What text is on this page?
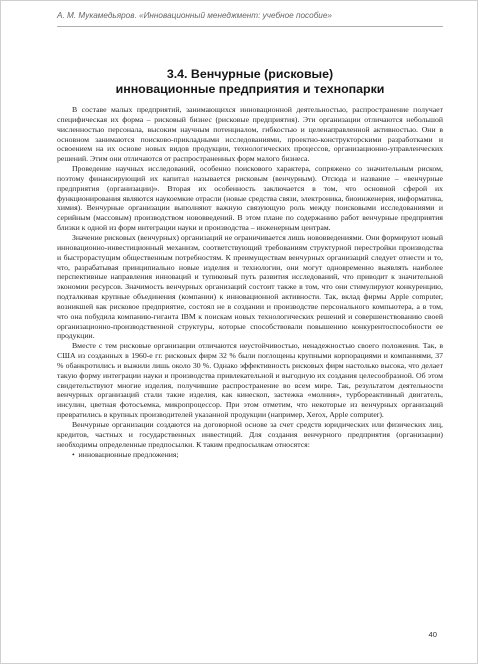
А. М. Мукамедьяров. «Инновационный менеджмент: учебное пособие»
3.4. Венчурные (рисковые)
инновационные предприятия и технопарки

В составе малых предприятий, занимающихся инновационной деятельностью, распространение получает специфическая их форма – рисковый бизнес (рисковые предприятия). Эти организации отличаются небольшой численностью персонала, высоким научным потенциалом, гибкостью и целенаправленной активностью. Они в основном занимаются поисково-прикладными исследованиями, проектно-конструкторскими разработками и освоением на их основе новых видов продукции, технологических процессов, организационно-управленческих решений. Этим они отличаются от распространенных форм малого бизнеса.

Проведение научных исследований, особенно поискового характера, сопряжено со значительным риском, поэтому финансирующий их капитал называется рисковым (венчурным). Отсюда и название – «венчурные предприятия (организации)». Вторая их особенность заключается в том, что основной сферой их функционирования являются наукоемкие отрасли (новые средства связи, электроника, биоинженерия, информатика, химия). Венчурные организации выполняют важную связующую роль между поисковыми исследованиями и серийным (массовым) производством нововведений. В этом плане по содержанию работ венчурные предприятия близки к одной из форм интеграции науки и производства – инженерным центрам.

Значение рисковых (венчурных) организаций не ограничивается лишь нововведениями. Они формируют новый инновационно-инвестиционный механизм, соответствующий требованиям структурной перестройки производства и быстрорастущим общественным потребностям. К преимуществам венчурных организаций следует отнести и то, что, разрабатывая принципиально новые изделия и технологии, они могут одновременно выявлять наиболее перспективные направления инноваций и тупиковый путь развития исследований, что приводит к значительной экономии ресурсов. Значимость венчурных организаций состоит также в том, что они стимулируют конкуренцию, подталкивая крупные объединения (компании) к инновационной активности. Так, вклад фирмы Apple computer, возникшей как рисковое предприятие, состоял не в создании и производстве персонального компьютера, а в том, что она побудила компанию-гиганта IBM к поискам новых технологических решений и совершенствованию своей организационно-производственной структуры, которые способствовали повышению конкурентоспособности ее продукции.

Вместе с тем рисковые организации отличаются неустойчивостью, ненадежностью своего положения. Так, в США из созданных в 1960-е гг. рисковых фирм 32 % были поглощены крупными корпорациями и компаниями, 37 % обанкротились и выжили лишь около 30 %. Однако эффективность рисковых фирм настолько высока, что делает такую форму интеграции науки и производства привлекательной и выгодную их создания целесообразной. Об этом свидетельствуют многие изделия, получившие распространение во всем мире. Так, результатом деятельности венчурных организаций стали такие изделия, как кинескоп, застежка «молния», турбореактивный двигатель, инсулин, цветная фотосъемка, микропроцессор. При этом отметим, что некоторые из венчурных организаций превратились в крупных производителей указанной продукции (например, Xerox, Apple computer).

Венчурные организации создаются на договорной основе за счет средств юридических или физических лиц, кредитов, частных и государственных инвестиций. Для создания венчурного предприятия (организации) необходимы определенные предпосылки. К таким предпосылкам относятся:

• инновационные предложения;
40
